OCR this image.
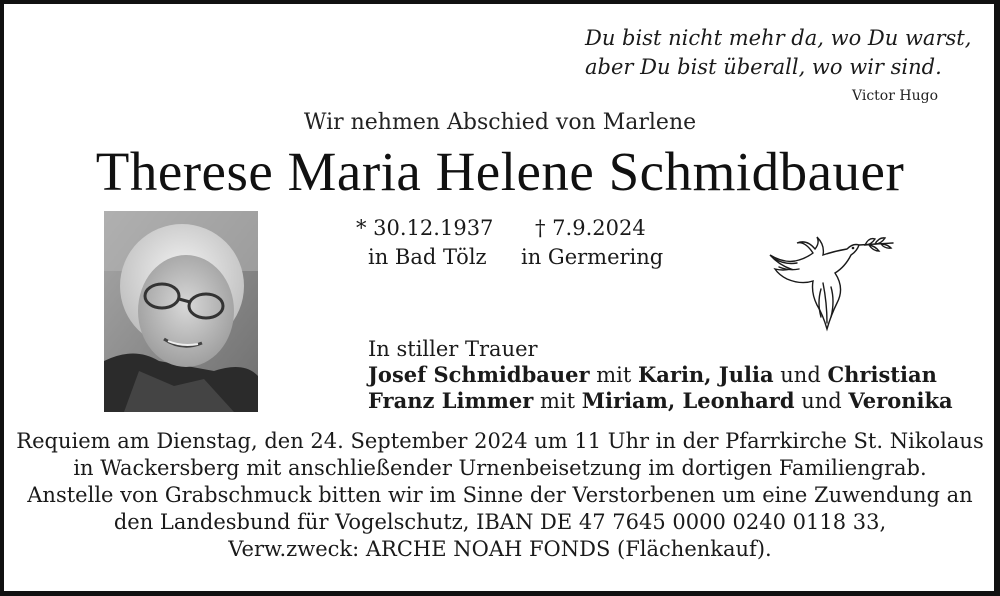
Du bist nicht mehr da, wo Du warst,
aber Du bist überall, wo wir sind.
Victor Hugo
Wir nehmen Abschied von Marlene
Therese Maria Helene Schmidbauer
* 30.12.1937
in Bad Tölz
† 7.9.2024
in Germering
In stiller Trauer
Josef Schmidbauer mit Karin, Julia und Christian
Franz Limmer mit Miriam, Leonhard und Veronika
Requiem am Dienstag, den 24. September 2024 um 11 Uhr in der Pfarrkirche St. Nikolaus
in Wackersberg mit anschließender Urnenbeisetzung im dortigen Familiengrab.
Anstelle von Grabschmuck bitten wir im Sinne der Verstorbenen um eine Zuwendung an
den Landesbund für Vogelschutz, IBAN DE 47 7645 0000 0240 0118 33,
Verw.zweck: ARCHE NOAH FONDS (Flächenkauf).
